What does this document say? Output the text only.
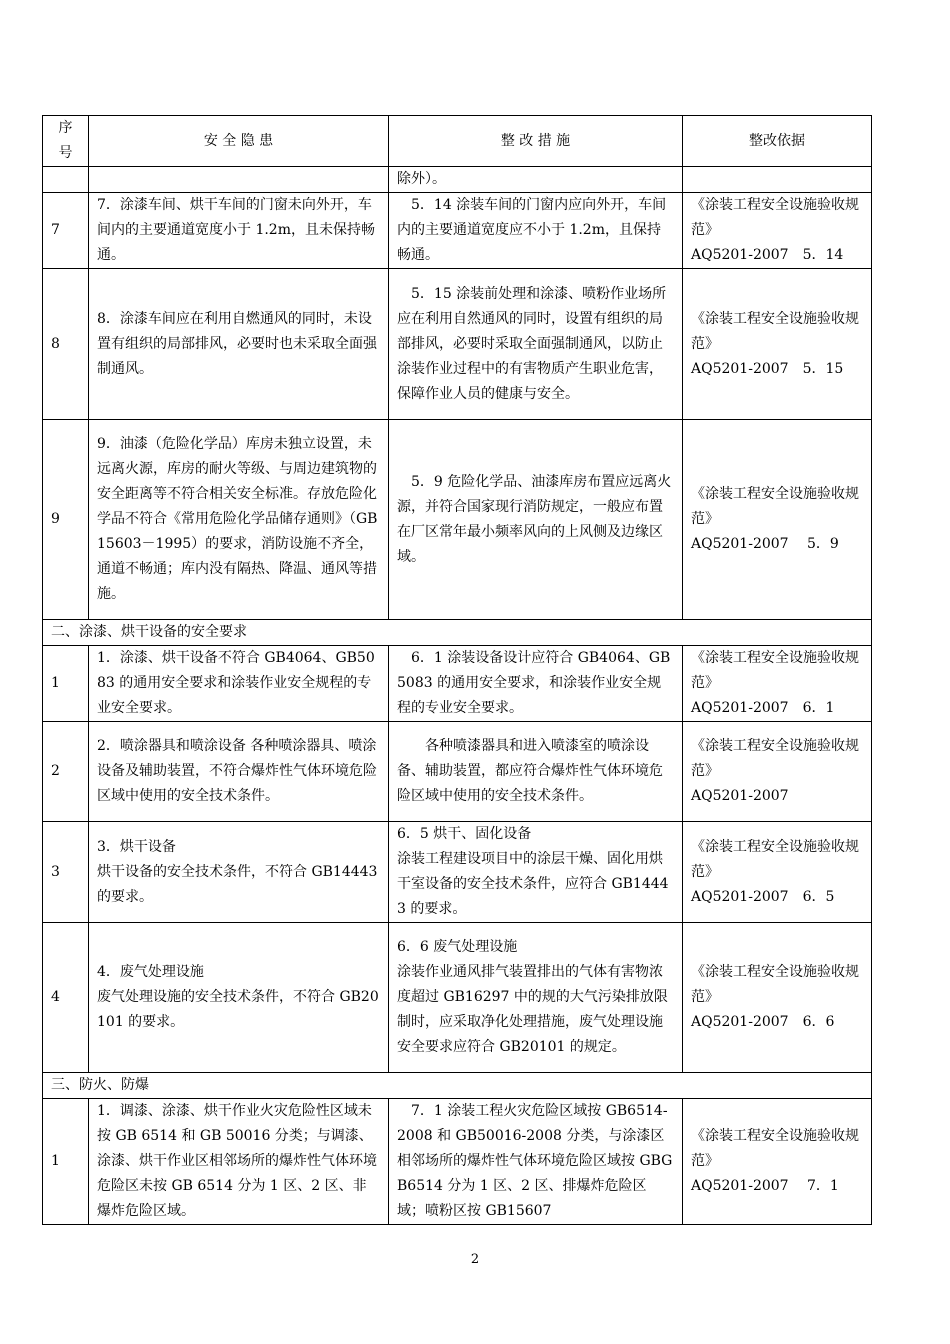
序
号	安 全 隐 患	整 改 措 施	整改依据
		除外）。	
7	7．涂漆车间、烘干车间的门窗未向外开，车间内的主要通道宽度小于 1.2m，且未保持畅通。	　5．14 涂装车间的门窗内应向外开，车间内的主要通道宽度应不小于 1.2m，且保持畅通。	《涂装工程安全设施验收规范》
AQ5201-2007　5．14
8	8．涂漆车间应在利用自燃通风的同时，未设置有组织的局部排风，必要时也未采取全面强制通风。	　5．15 涂装前处理和涂漆、喷粉作业场所应在利用自然通风的同时，设置有组织的局部排风，必要时采取全面强制通风，以防止涂装作业过程中的有害物质产生职业危害，保障作业人员的健康与安全。	《涂装工程安全设施验收规范》
AQ5201-2007　5．15
9	9．油漆（危险化学品）库房未独立设置，未远离火源，库房的耐火等级、与周边建筑物的安全距离等不符合相关安全标准。存放危险化学品不符合《常用危险化学品储存通则》（GB15603－1995）的要求，消防设施不齐全，通道不畅通；库内没有隔热、降温、通风等措施。	　5．9 危险化学品、油漆库房布置应远离火源，并符合国家现行消防规定，一般应布置在厂区常年最小频率风向的上风侧及边缘区域。	《涂装工程安全设施验收规范》
AQ5201-2007　 5．9
二、涂漆、烘干设备的安全要求			
1	1．涂漆、烘干设备不符合 GB4064、GB5083 的通用安全要求和涂装作业安全规程的专业安全要求。	　6．1 涂装设备设计应符合 GB4064、GB5083 的通用安全要求，和涂装作业安全规程的专业安全要求。	《涂装工程安全设施验收规范》
AQ5201-2007　6．1
2	2．喷涂器具和喷涂设备 各种喷涂器具、喷涂设备及辅助装置，不符合爆炸性气体环境危险区域中使用的安全技术条件。	　　各种喷漆器具和进入喷漆室的喷涂设备、辅助装置，都应符合爆炸性气体环境危险区域中使用的安全技术条件。	《涂装工程安全设施验收规范》
AQ5201-2007
3	3．烘干设备
烘干设备的安全技术条件，不符合 GB14443 的要求。	6．5 烘干、固化设备
涂装工程建设项目中的涂层干燥、固化用烘干室设备的安全技术条件，应符合 GB14443 的要求。	《涂装工程安全设施验收规范》
AQ5201-2007　6．5
4	4．废气处理设施
废气处理设施的安全技术条件，不符合 GB20101 的要求。	6．6 废气处理设施
涂装作业通风排气装置排出的气体有害物浓度超过 GB16297 中的规的大气污染排放限制时，应采取净化处理措施，废气处理设施安全要求应符合 GB20101 的规定。	《涂装工程安全设施验收规范》
AQ5201-2007　6．6
三、防火、防爆			
1	1．调漆、涂漆、烘干作业火灾危险性区域未按 GB 6514 和 GB 50016 分类；与调漆、涂漆、烘干作业区相邻场所的爆炸性气体环境危险区未按 GB 6514 分为 1 区、2 区、非爆炸危险区域。	　7．1 涂装工程火灾危险区域按 GB6514-2008 和 GB50016-2008 分类，与涂漆区相邻场所的爆炸性气体环境危险区域按 GBGB6514 分为 1 区、2 区、排爆炸危险区域；喷粉区按 GB15607	《涂装工程安全设施验收规范》
AQ5201-2007　 7．1
2
